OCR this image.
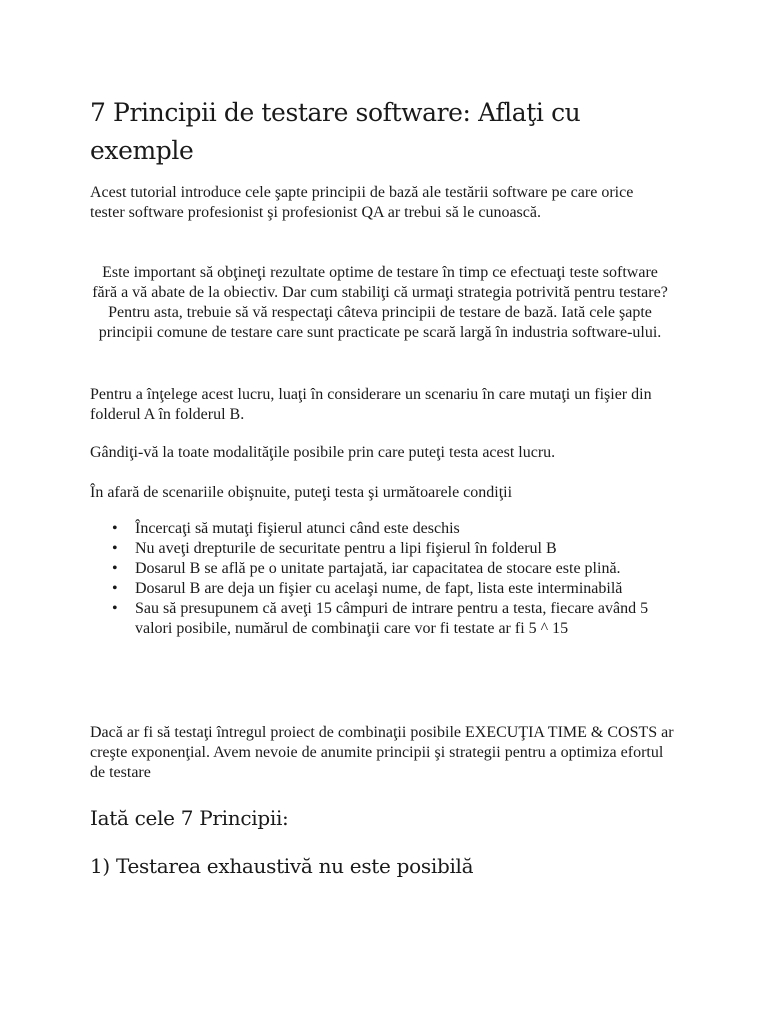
7 Principii de testare software: Aflaţi cu exemple

Acest tutorial introduce cele şapte principii de bază ale testării software pe care orice tester software profesionist şi profesionist QA ar trebui să le cunoască.

Este important să obţineţi rezultate optime de testare în timp ce efectuaţi teste software fără a vă abate de la obiectiv. Dar cum stabiliţi că urmaţi strategia potrivită pentru testare? Pentru asta, trebuie să vă respectaţi câteva principii de testare de bază. Iată cele şapte principii comune de testare care sunt practicate pe scară largă în industria software-ului.

Pentru a înţelege acest lucru, luaţi în considerare un scenariu în care mutaţi un fişier din folderul A în folderul B.

Gândiţi-vă la toate modalităţile posibile prin care puteţi testa acest lucru.

În afară de scenariile obişnuite, puteţi testa şi următoarele condiţii

• Încercaţi să mutaţi fişierul atunci când este deschis
• Nu aveţi drepturile de securitate pentru a lipi fişierul în folderul B
• Dosarul B se află pe o unitate partajată, iar capacitatea de stocare este plină.
• Dosarul B are deja un fişier cu acelaşi nume, de fapt, lista este interminabilă
• Sau să presupunem că aveţi 15 câmpuri de intrare pentru a testa, fiecare având 5 valori posibile, numărul de combinaţii care vor fi testate ar fi 5 ^ 15

Dacă ar fi să testaţi întregul proiect de combinaţii posibile EXECUŢIA TIME & COSTS ar creşte exponenţial. Avem nevoie de anumite principii şi strategii pentru a optimiza efortul de testare

Iată cele 7 Principii:
1) Testarea exhaustivă nu este posibilă
